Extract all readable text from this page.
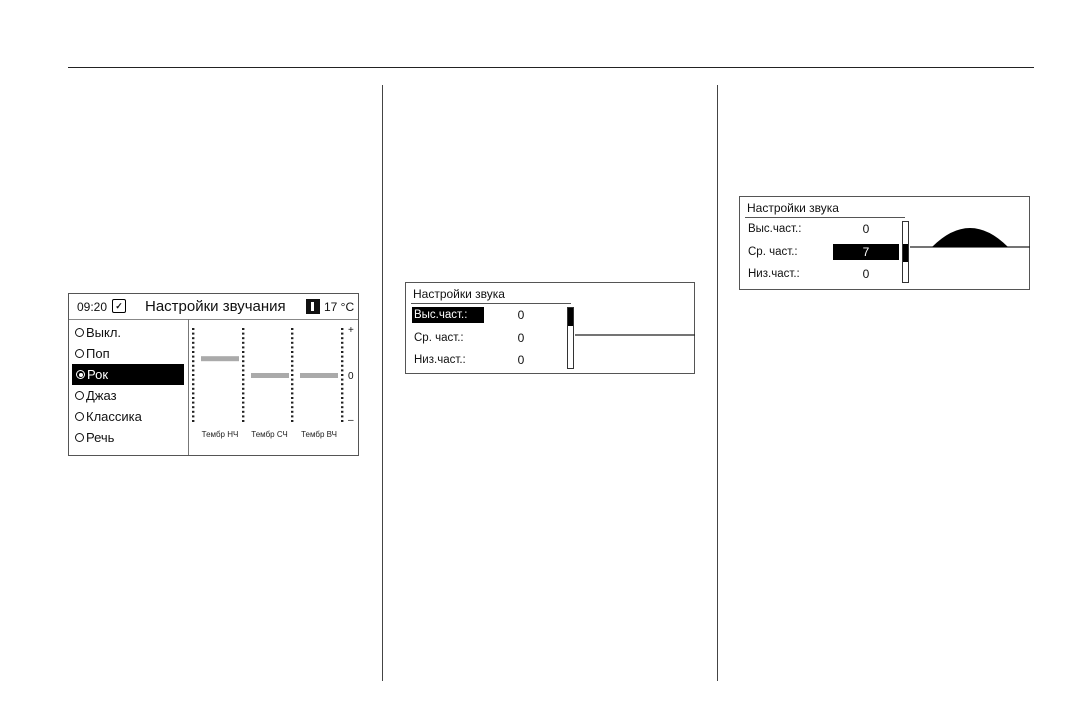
09:20 ✓ Настройки звучания	17 °C
Выкл.
Поп
Рок
Джаз
Классика
Речь	Тембр НЧ Тембр СЧ Тембр ВЧ
+
0
–
Настройки звука
Выс.част.:	0
Ср. част.:	0
Низ.част.:	0
Настройки звука
Выс.част.:	0
Ср. част.:	7
Низ.част.:	0
